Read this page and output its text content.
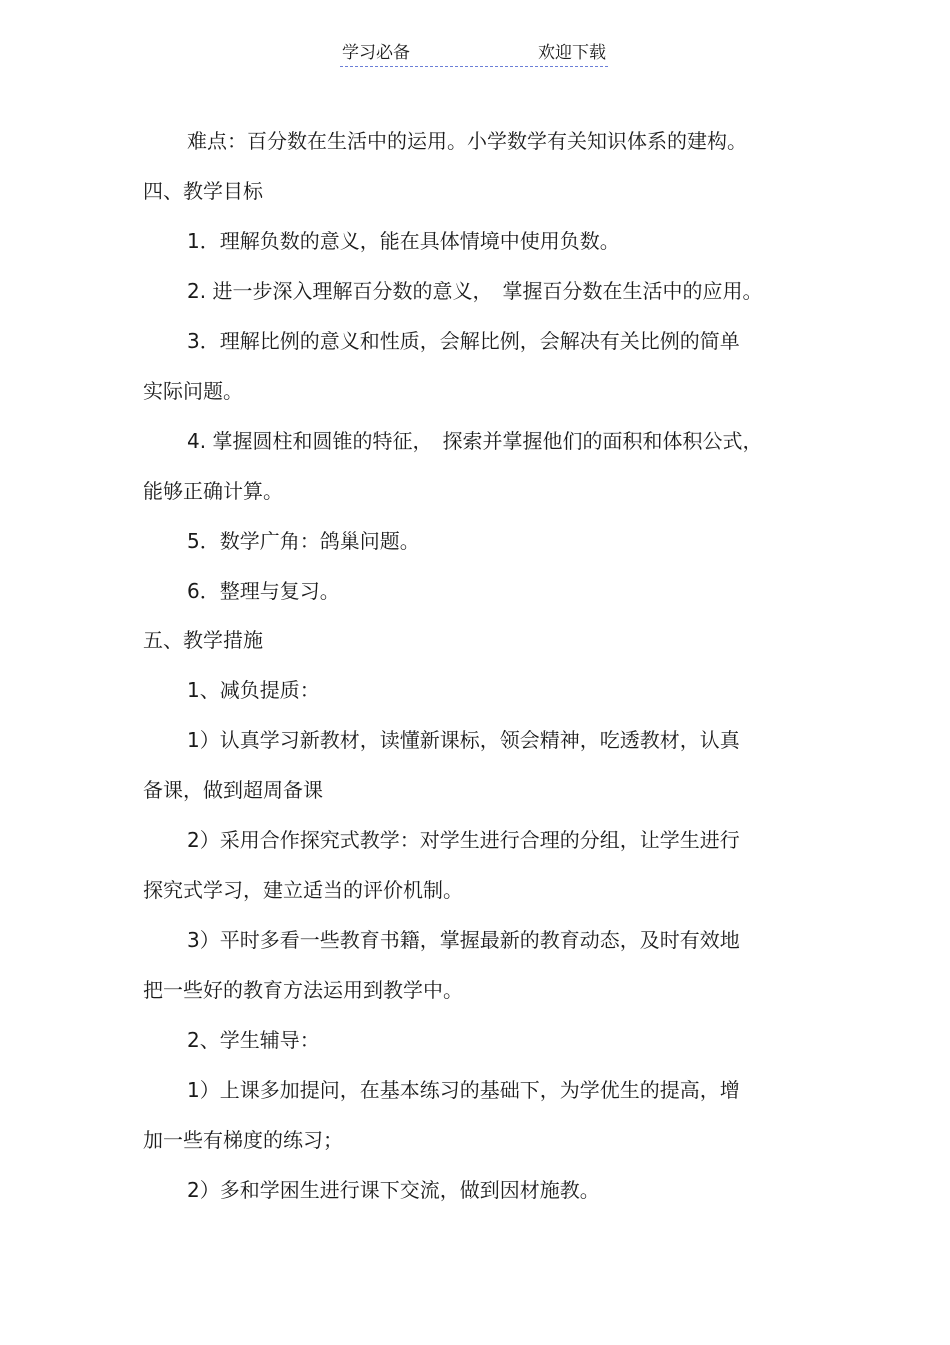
学习必备	欢迎下载
难点：百分数在生活中的运用。小学数学有关知识体系的建构。
四、教学目标
1．理解负数的意义，能在具体情境中使用负数。
2. 进一步深入理解百分数的意义，　掌握百分数在生活中的应用。
3．理解比例的意义和性质，会解比例，会解决有关比例的简单
实际问题。
4. 掌握圆柱和圆锥的特征，　探索并掌握他们的面积和体积公式，
能够正确计算。
5．数学广角：鸽巢问题。
6．整理与复习。
五、教学措施
1、减负提质：
1）认真学习新教材，读懂新课标，领会精神，吃透教材，认真
备课，做到超周备课
2）采用合作探究式教学：对学生进行合理的分组，让学生进行
探究式学习，建立适当的评价机制。
3）平时多看一些教育书籍，掌握最新的教育动态，及时有效地
把一些好的教育方法运用到教学中。
2、学生辅导：
1）上课多加提问，在基本练习的基础下，为学优生的提高，增
加一些有梯度的练习；
2）多和学困生进行课下交流，做到因材施教。
